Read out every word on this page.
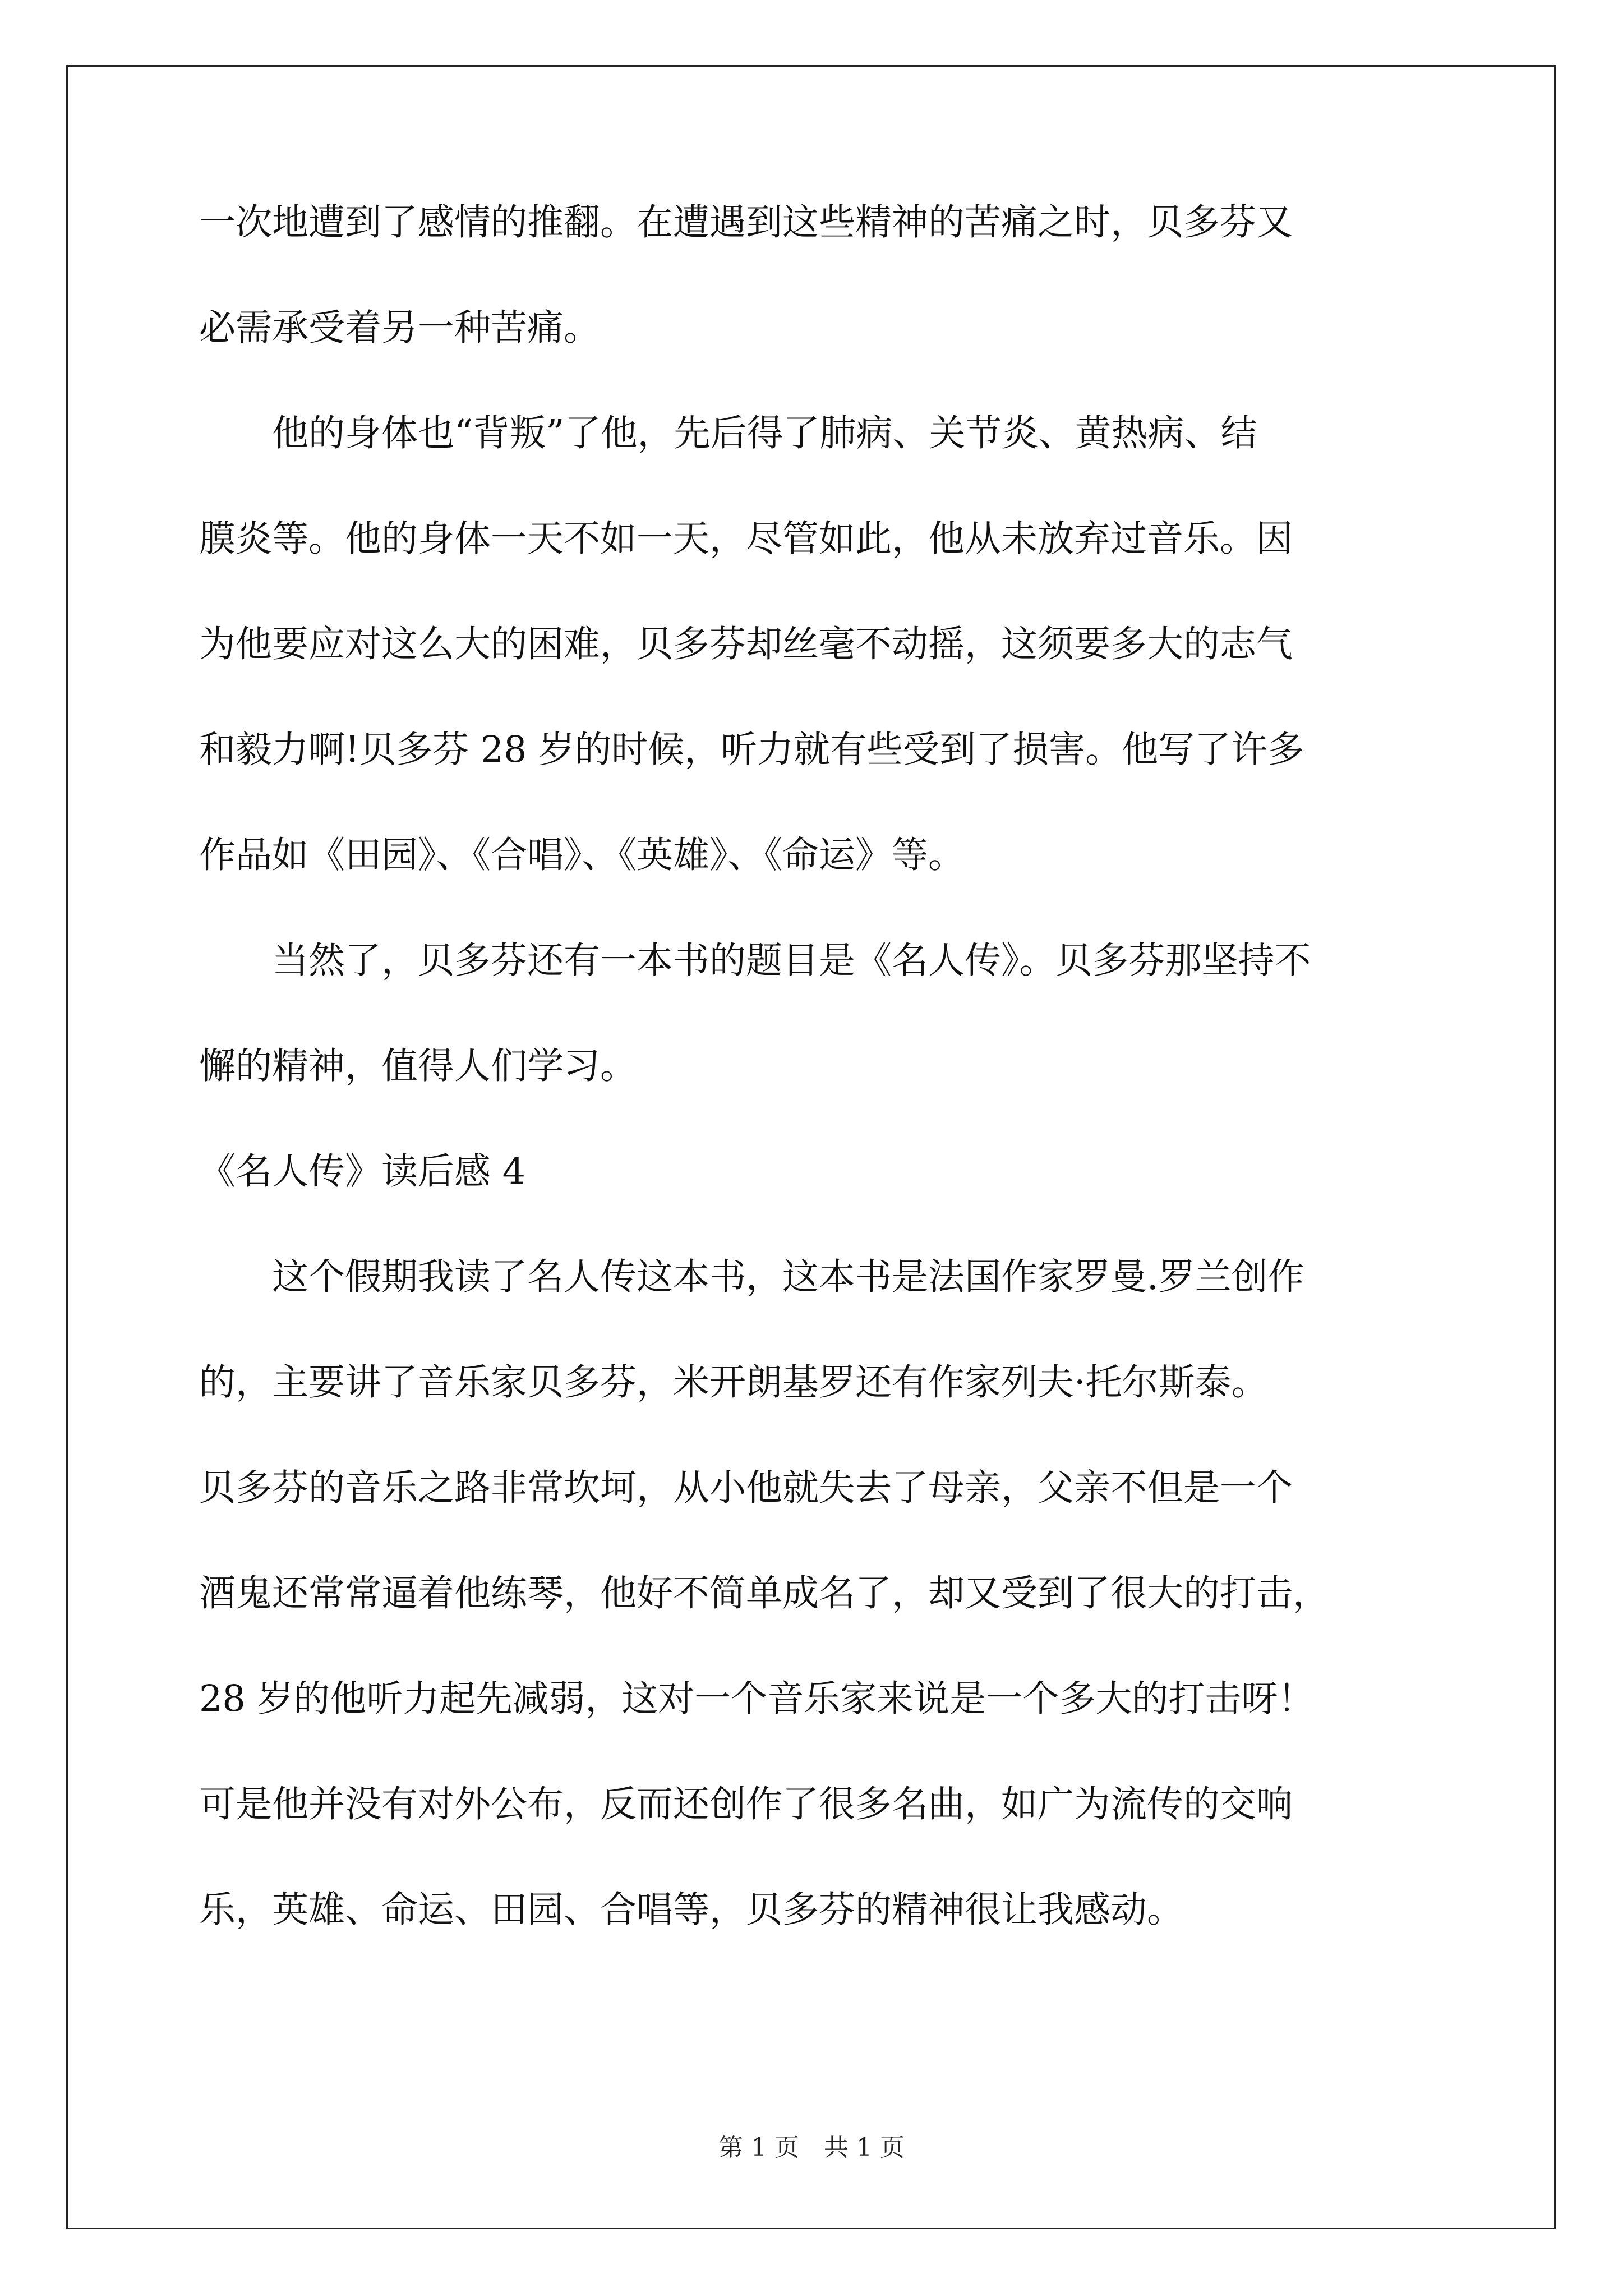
一次地遭到了感情的推翻。在遭遇到这些精神的苦痛之时，贝多芬又
必需承受着另一种苦痛。
　　他的身体也“背叛”了他，先后得了肺病、关节炎、黄热病、结
膜炎等。他的身体一天不如一天，尽管如此，他从未放弃过音乐。因
为他要应对这么大的困难，贝多芬却丝毫不动摇，这须要多大的志气
和毅力啊!贝多芬 28 岁的时候，听力就有些受到了损害。他写了许多
作品如《田园》、《合唱》、《英雄》、《命运》等。
　　当然了，贝多芬还有一本书的题目是《名人传》。贝多芬那坚持不
懈的精神，值得人们学习。
《名人传》读后感 4
　　这个假期我读了名人传这本书，这本书是法国作家罗曼.罗兰创作
的，主要讲了音乐家贝多芬，米开朗基罗还有作家列夫·托尔斯泰。
贝多芬的音乐之路非常坎坷，从小他就失去了母亲，父亲不但是一个
酒鬼还常常逼着他练琴，他好不简单成名了，却又受到了很大的打击，
28 岁的他听力起先减弱，这对一个音乐家来说是一个多大的打击呀！
可是他并没有对外公布，反而还创作了很多名曲，如广为流传的交响
乐，英雄、命运、田园、合唱等，贝多芬的精神很让我感动。
第 1 页　共 1 页
